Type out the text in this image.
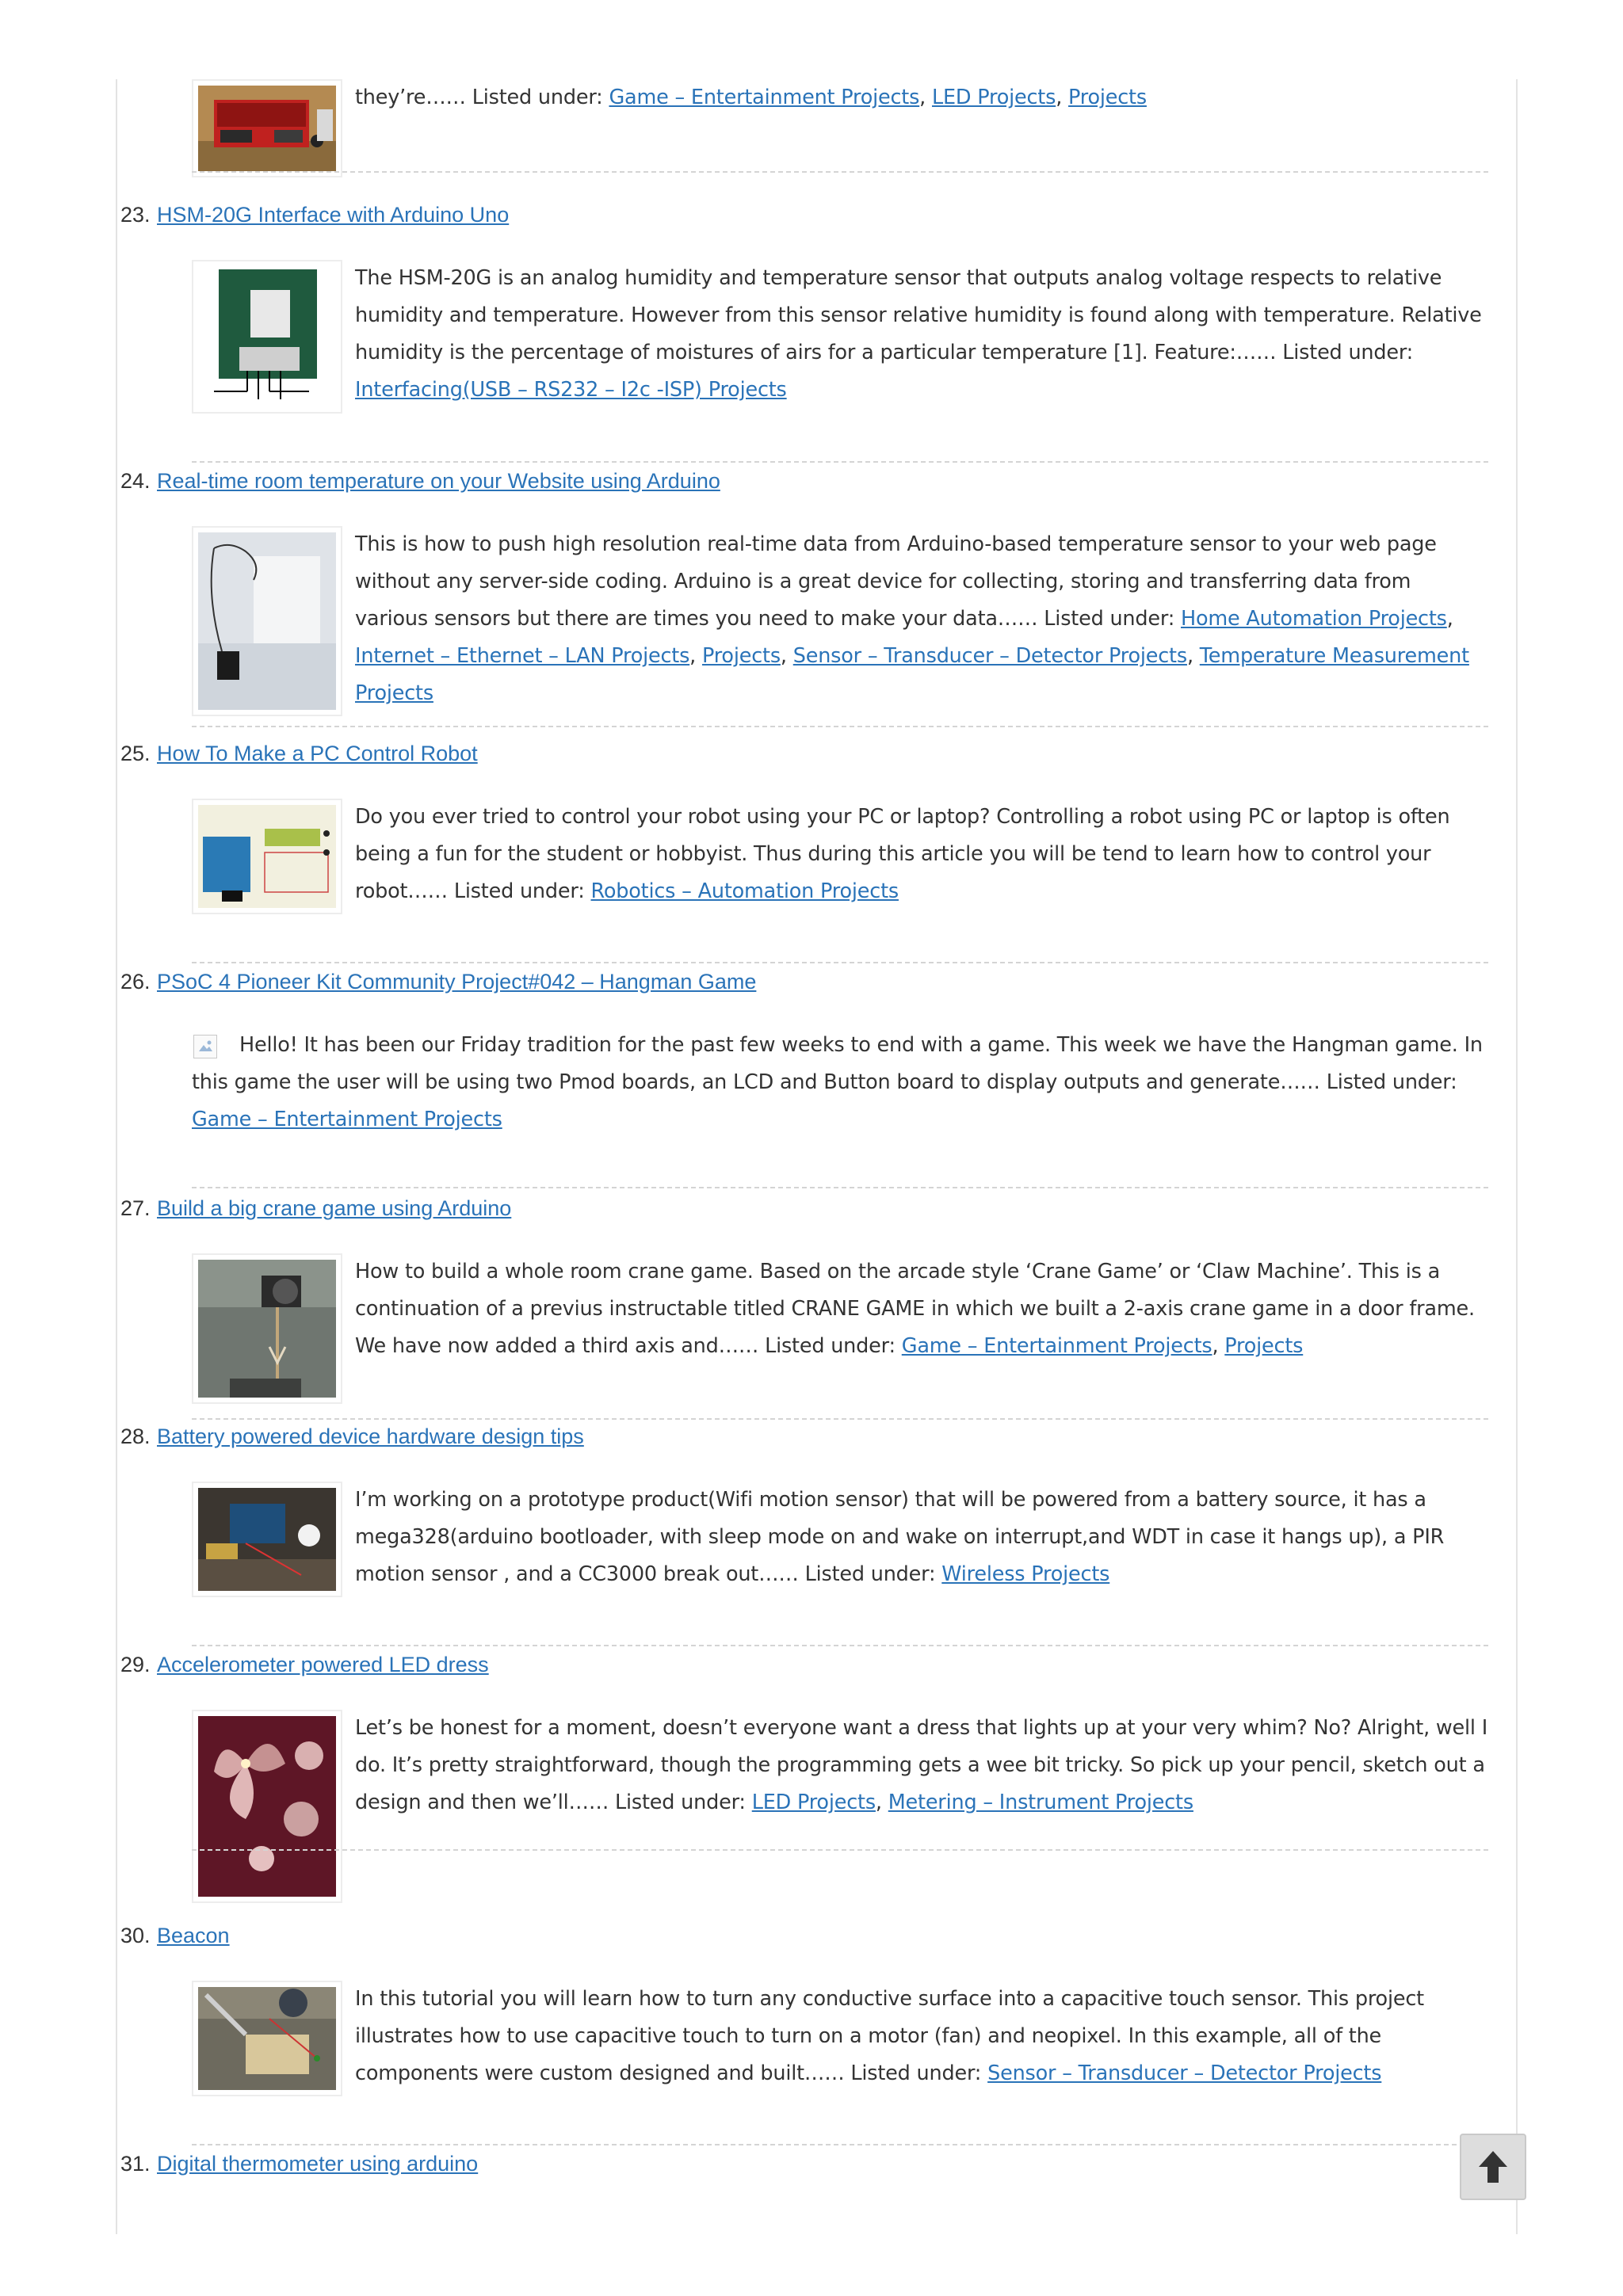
they’re…… Listed under: Game – Entertainment Projects, LED Projects, Projects
23. HSM-20G Interface with Arduino Uno
The HSM-20G is an analog humidity and temperature sensor that outputs analog voltage respects to relative humidity and temperature. However from this sensor relative humidity is found along with temperature. Relative humidity is the percentage of moistures of airs for a particular temperature [1]. Feature:…… Listed under: Interfacing(USB – RS232 – I2c -ISP) Projects
24. Real-time room temperature on your Website using Arduino
This is how to push high resolution real-time data from Arduino-based temperature sensor to your web page without any server-side coding. Arduino is a great device for collecting, storing and transferring data from various sensors but there are times you need to make your data…… Listed under: Home Automation Projects, Internet – Ethernet – LAN Projects, Projects, Sensor – Transducer – Detector Projects, Temperature Measurement Projects
25. How To Make a PC Control Robot
Do you ever tried to control your robot using your PC or laptop? Controlling a robot using PC or laptop is often being a fun for the student or hobbyist. Thus during this article you will be tend to learn how to control your robot…… Listed under: Robotics – Automation Projects
26. PSoC 4 Pioneer Kit Community Project#042 – Hangman Game
Hello! It has been our Friday tradition for the past few weeks to end with a game. This week we have the Hangman game. In this game the user will be using two Pmod boards, an LCD and Button board to display outputs and generate…… Listed under: Game – Entertainment Projects
27. Build a big crane game using Arduino
How to build a whole room crane game. Based on the arcade style ‘Crane Game’ or ‘Claw Machine’. This is a continuation of a previus instructable titled CRANE GAME in which we built a 2-axis crane game in a door frame. We have now added a third axis and…… Listed under: Game – Entertainment Projects, Projects
28. Battery powered device hardware design tips
I’m working on a prototype product(Wifi motion sensor) that will be powered from a battery source, it has a mega328(arduino bootloader, with sleep mode on and wake on interrupt,and WDT in case it hangs up), a PIR motion sensor , and a CC3000 break out…… Listed under: Wireless Projects
29. Accelerometer powered LED dress
Let’s be honest for a moment, doesn’t everyone want a dress that lights up at your very whim? No? Alright, well I do. It’s pretty straightforward, though the programming gets a wee bit tricky. So pick up your pencil, sketch out a design and then we’ll…… Listed under: LED Projects, Metering – Instrument Projects
30. Beacon
In this tutorial you will learn how to turn any conductive surface into a capacitive touch sensor. This project illustrates how to use capacitive touch to turn on a motor (fan) and neopixel. In this example, all of the components were custom designed and built…… Listed under: Sensor – Transducer – Detector Projects
31. Digital thermometer using arduino
